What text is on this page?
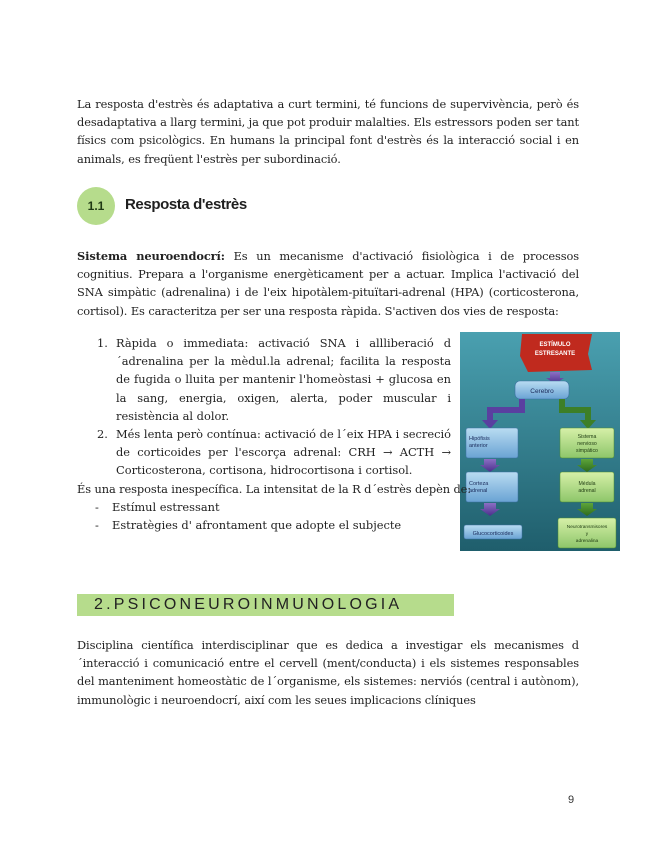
La resposta d'estrès és adaptativa a curt termini, té funcions de supervivència, però és desadaptativa a llarg termini, ja que pot produir malalties. Els estressors poden ser tant físics com psicològics. En humans la principal font d'estrès és la interacció social i en animals, es freqüent l'estrès per subordinació.

1.1	Resposta d'estrès

Sistema neuroendocrí: Es un mecanisme d'activació fisiològica i de processos cognitius. Prepara a l'organisme energèticament per a actuar. Implica l'activació del SNA simpàtic (adrenalina) i de l'eix hipotàlem-pituïtari-adrenal (HPA) (corticosterona, cortisol). Es caracteritza per ser una resposta ràpida. S'activen dos vies de resposta:

1. Ràpida o immediata: activació SNA i allliberació d´adrenalina per la mèdul.la adrenal; facilita la resposta de fugida o lluita per mantenir l'homeòstasi + glucosa en la sang, energia, oxigen, alerta, poder muscular i resistència al dolor.
2. Més lenta però contínua: activació de l´eix HPA i secreció de corticoides per l'escorça adrenal: CRH → ACTH → Corticosterona, cortisona, hidrocortisona i cortisol.
ESTÍMULO
ESTRESANTE
Cerebro
Hipófisis
anterior
Corteza
adrenal
Glucocorticoides
Sistema
nervioso
simpático
Médula
adrenal
Neurotransmisores
y
adrenalina

És una resposta inespecífica. La intensitat de la R d´estrès depèn de:

- Estímul estressant
- Estratègies d' afrontament que adopte el subjecte
2.PSICONEUROINMUNOLOGIA

Disciplina científica interdisciplinar que es dedica a investigar els mecanismes d´interacció i comunicació entre el cervell (ment/conducta) i els sistemes responsables del manteniment homeostàtic de l´organisme, els sistemes: nerviós (central i autònom), immunològic i neuroendocrí, així com les seues implicacions clíniques

9
